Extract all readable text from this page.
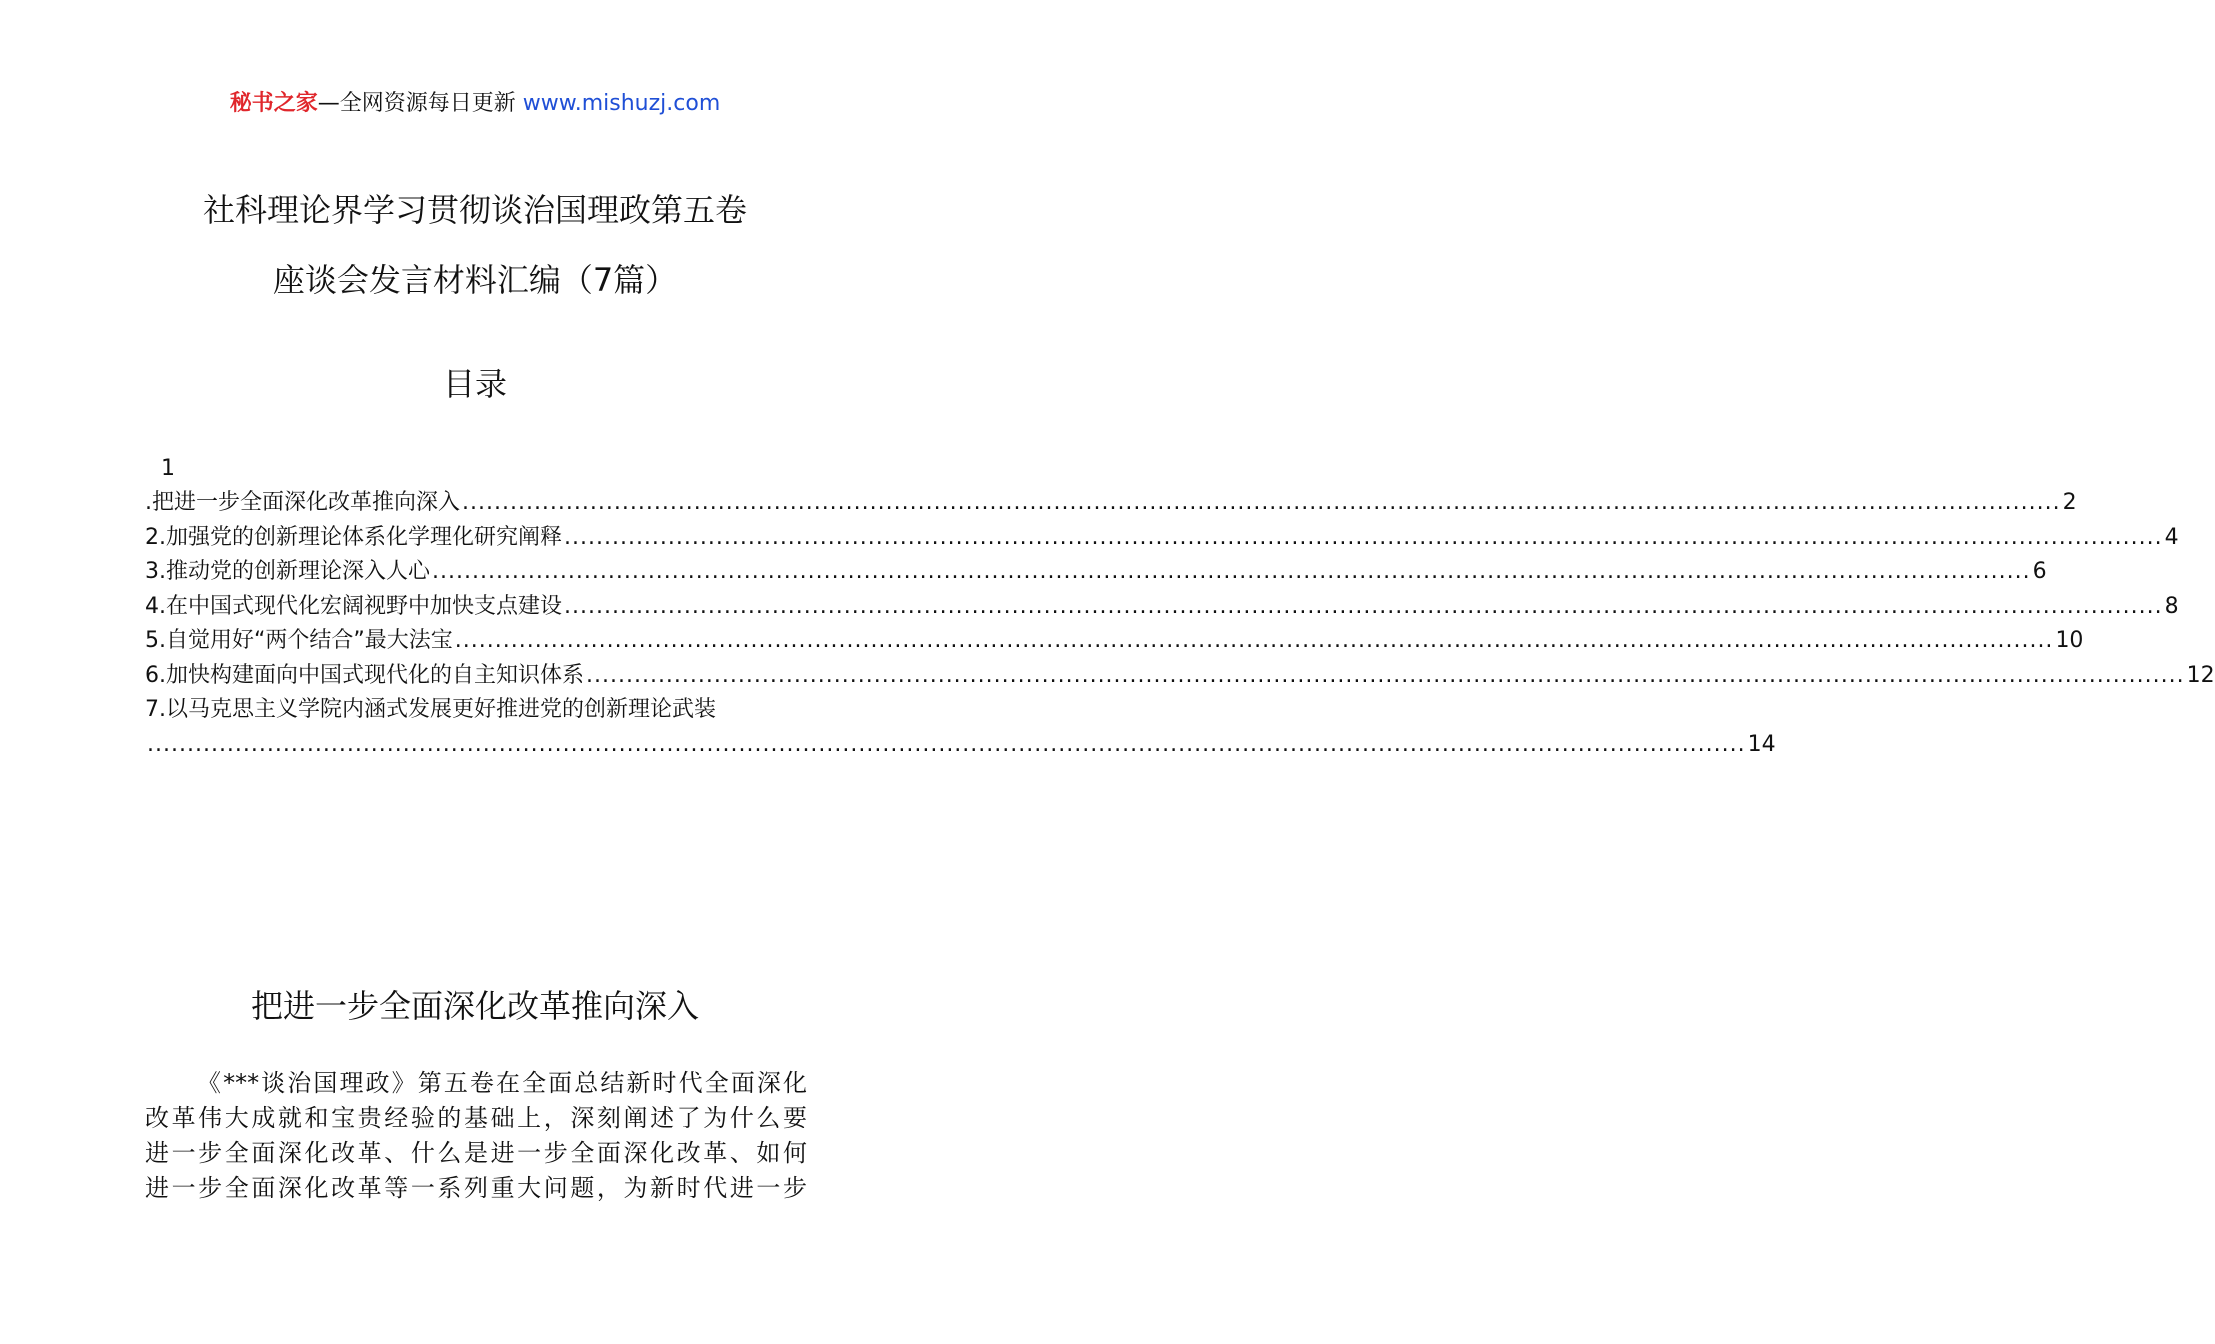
秘书之家—全网资源每日更新 www.mishuzj.com
社科理论界学习贯彻谈治国理政第五卷
座谈会发言材料汇编（7篇）
目录
1
.把进一步全面深化改革推向深入 ........................................................................................................................................................................................................ 2
2.加强党的创新理论体系化学理化研究阐释 ........................................................................................................................................................................................................ 4
3.推动党的创新理论深入人心 ........................................................................................................................................................................................................ 6
4.在中国式现代化宏阔视野中加快支点建设 ........................................................................................................................................................................................................ 8
5.自觉用好“两个结合”最大法宝 ........................................................................................................................................................................................................ 10
6.加快构建面向中国式现代化的自主知识体系 ........................................................................................................................................................................................................ 12
7.以马克思主义学院内涵式发展更好推进党的创新理论武装
........................................................................................................................................................................................................ 14
把进一步全面深化改革推向深入
《***谈治国理政》第五卷在全面总结新时代全面深化
改革伟大成就和宝贵经验的基础上，深刻阐述了为什么要
进一步全面深化改革、什么是进一步全面深化改革、如何
进一步全面深化改革等一系列重大问题，为新时代进一步
